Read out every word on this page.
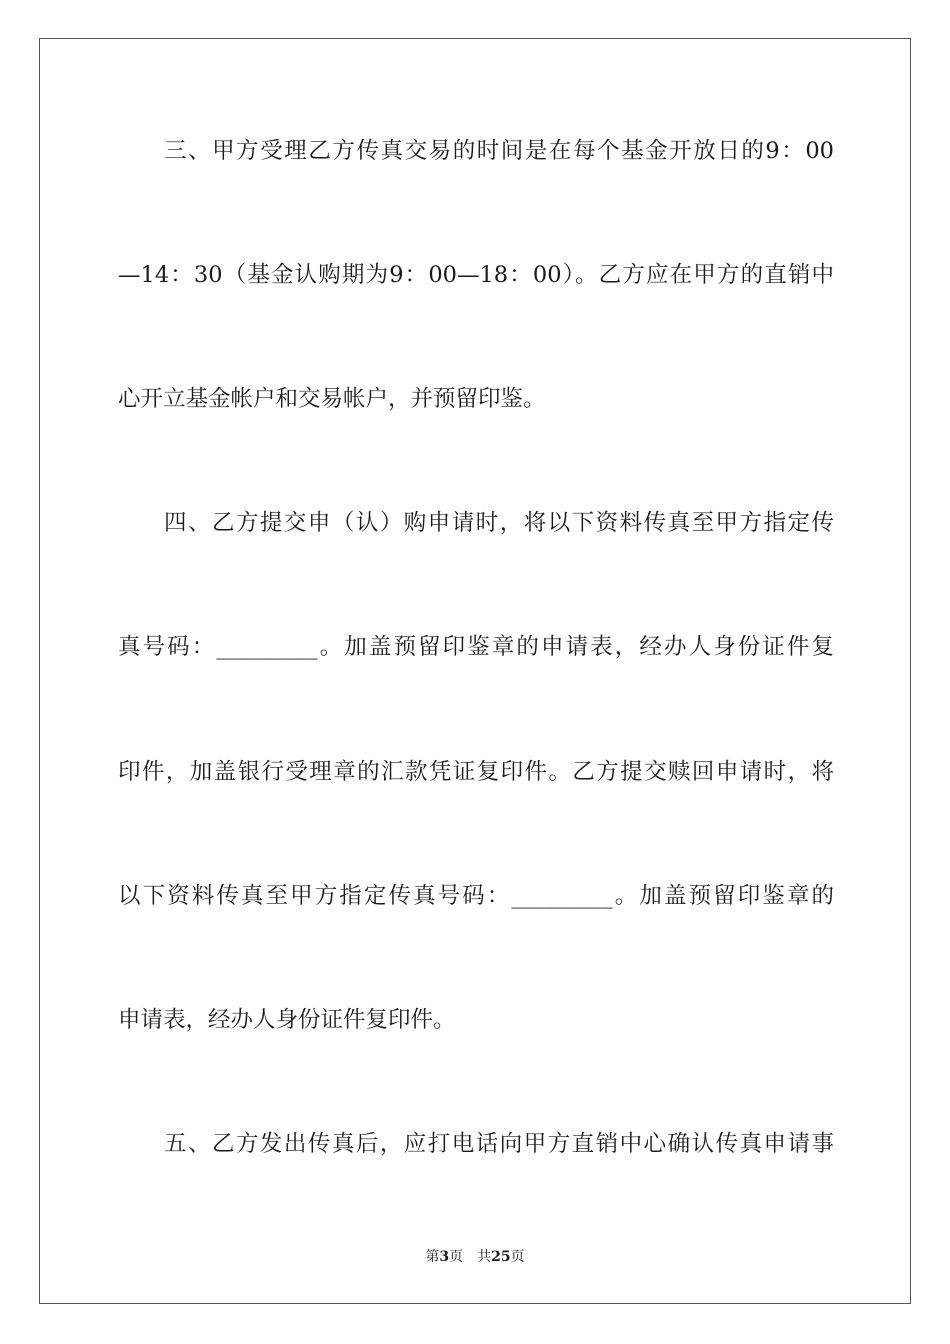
三、甲方受理乙方传真交易的时间是在每个基金开放日的9：00
—14：30（基金认购期为9：00—18：00）。乙方应在甲方的直销中
心开立基金帐户和交易帐户，并预留印鉴。
四、乙方提交申（认）购申请时，将以下资料传真至甲方指定传
真号码：_________。加盖预留印鉴章的申请表，经办人身份证件复
印件，加盖银行受理章的汇款凭证复印件。乙方提交赎回申请时，将
以下资料传真至甲方指定传真号码：_________。加盖预留印鉴章的
申请表，经办人身份证件复印件。
五、乙方发出传真后，应打电话向甲方直销中心确认传真申请事
第3页 共25页
